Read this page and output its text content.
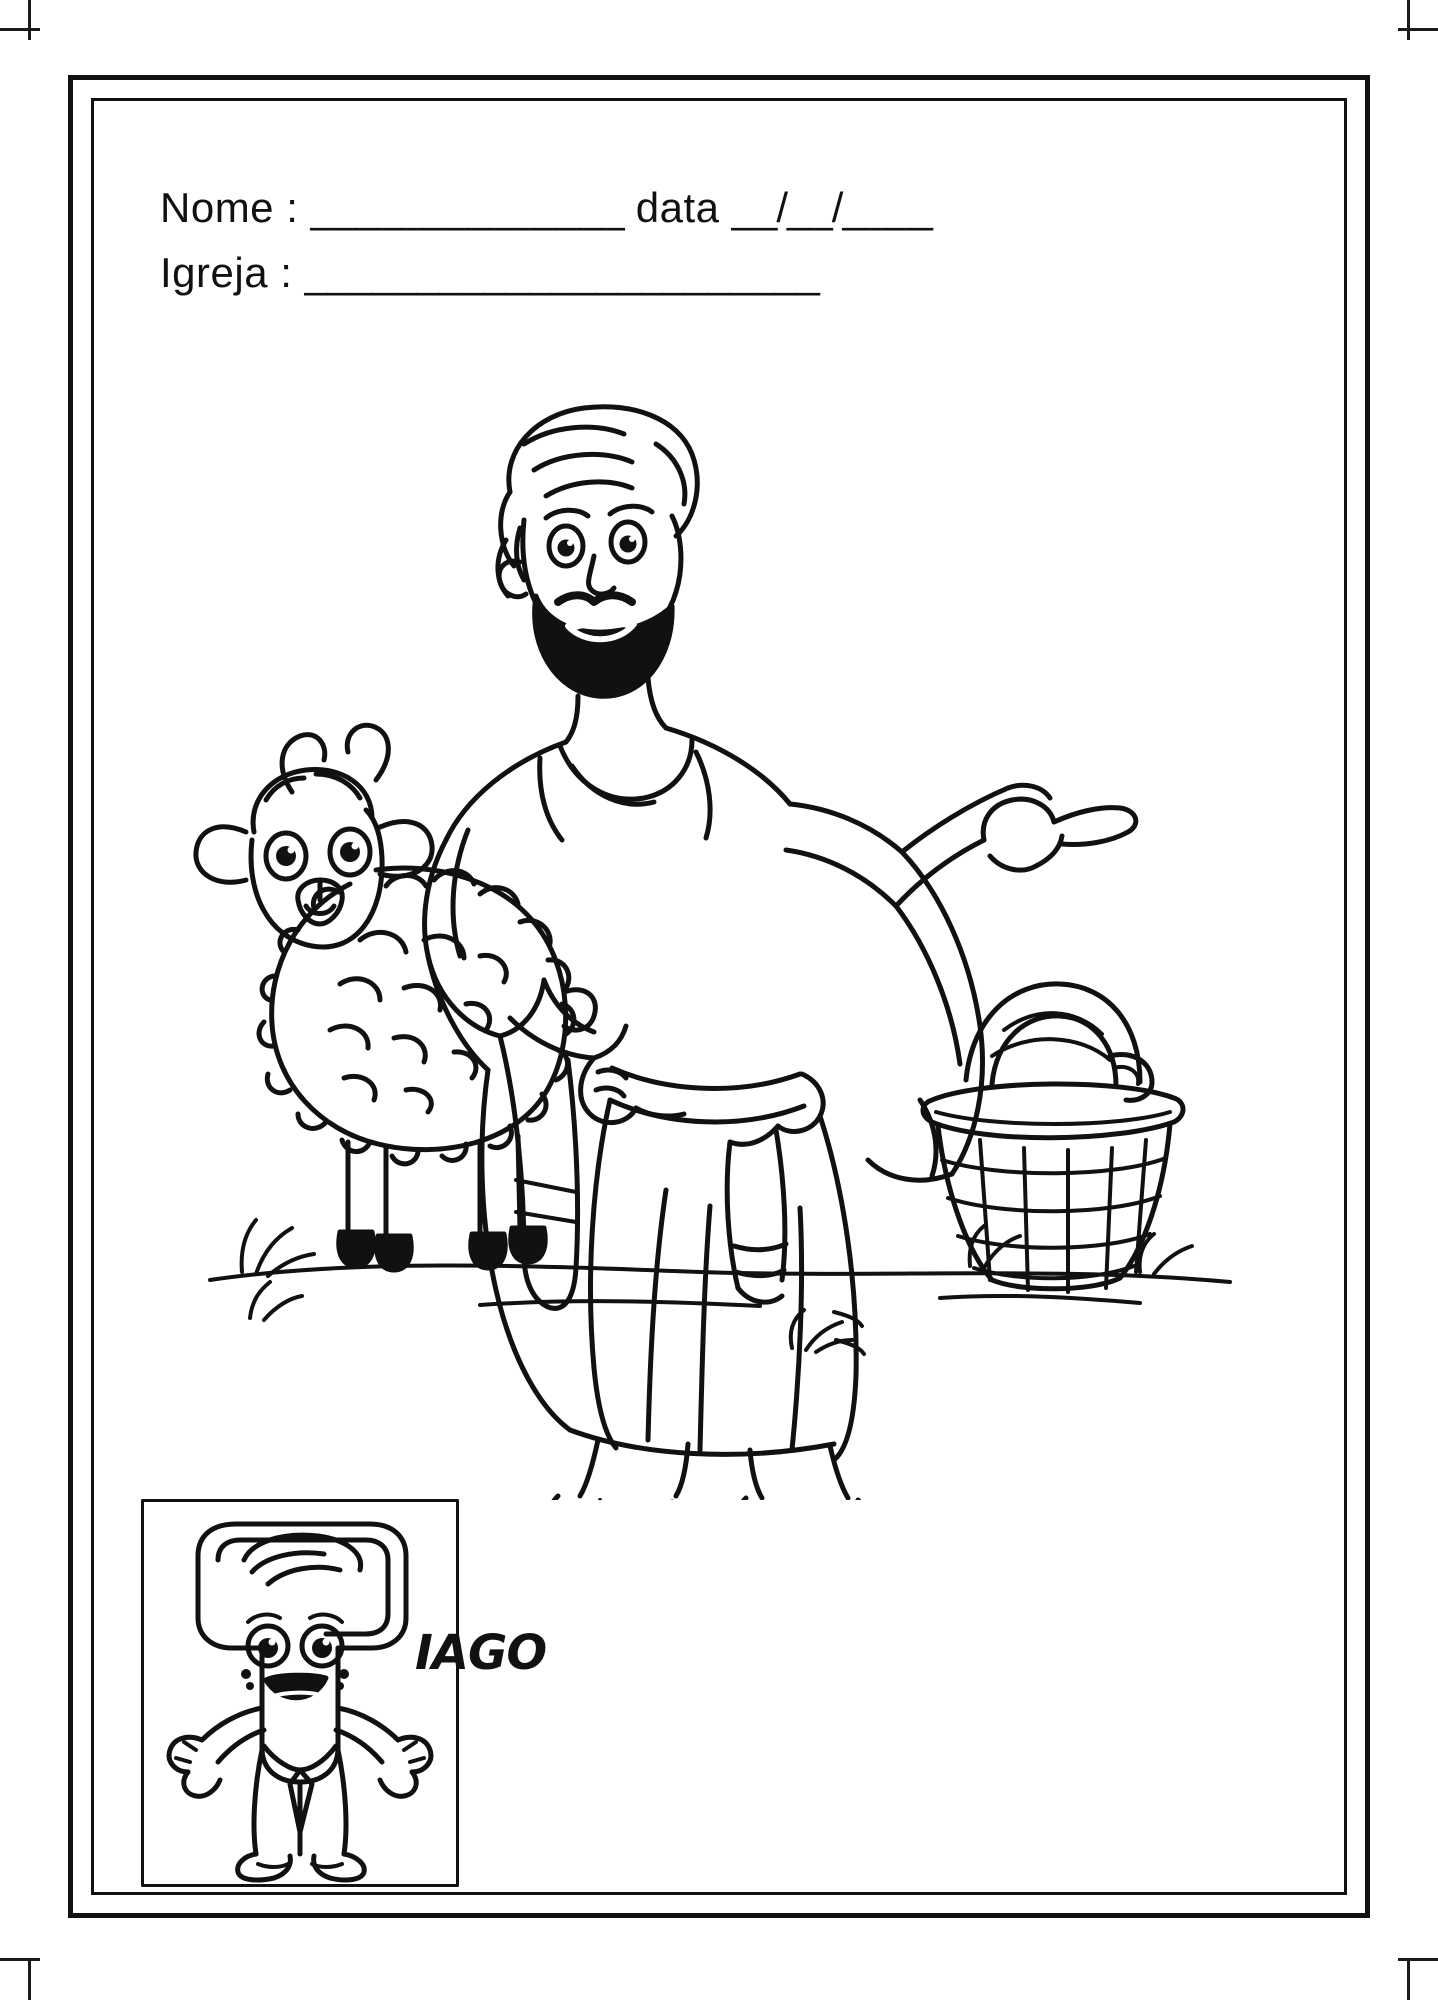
Nome : ______________ data __/__/____
Igreja : _______________________
IAGO
